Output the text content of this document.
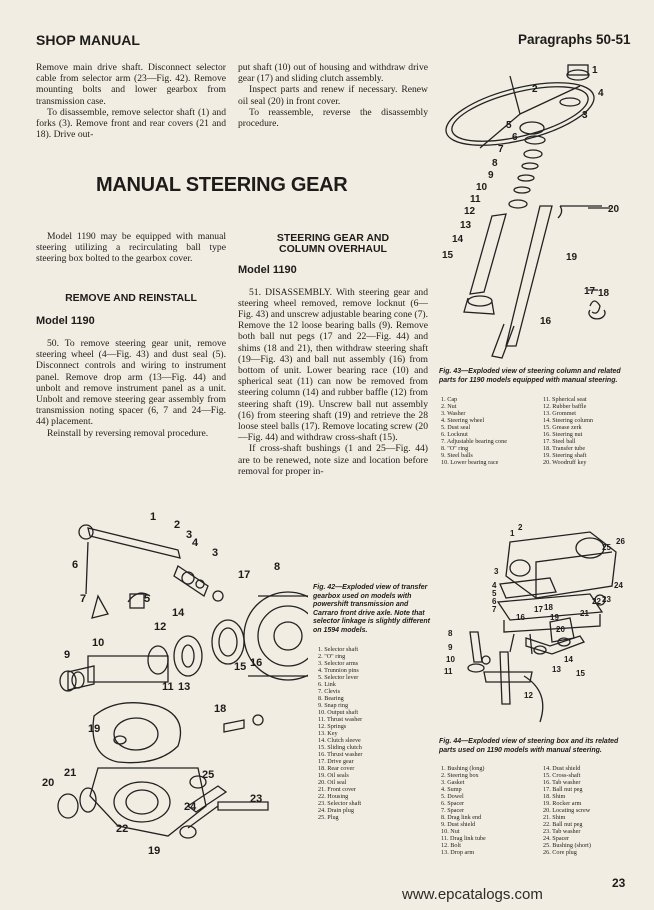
SHOP MANUAL	Paragraphs 50-51

Remove main drive shaft. Disconnect selector cable from selector arm (23—Fig. 42). Remove mounting bolts and lower gearbox from transmission case.

To disassemble, remove selector shaft (1) and forks (3). Remove front and rear covers (21 and 18). Drive out-

put shaft (10) out of housing and withdraw drive gear (17) and sliding clutch assembly.

Inspect parts and renew if necessary. Renew oil seal (20) in front cover.

To reassemble, reverse the disassembly procedure.

MANUAL STEERING GEAR

Model 1190 may be equipped with manual steering utilizing a recirculating ball type steering box bolted to the gearbox cover.

REMOVE AND REINSTALL
Model 1190

50. To remove steering gear unit, remove steering wheel (4—Fig. 43) and dust seal (5). Disconnect controls and wiring to instrument panel. Remove drop arm (13—Fig. 44) and unbolt and remove instrument panel as a unit. Unbolt and remove steering gear assembly from transmission noting spacer (6, 7 and 24—Fig. 44) placement.

Reinstall by reversing removal procedure.

STEERING GEAR AND COLUMN OVERHAUL
Model 1190

51. DISASSEMBLY. With steering gear and steering wheel removed, remove locknut (6—Fig. 43) and unscrew adjustable bearing cone (7). Remove the 12 loose bearing balls (9). Remove both ball nut pegs (17 and 22—Fig. 44) and shims (18 and 21), then withdraw steering shaft (19—Fig. 43) and ball nut assembly (16) from bottom of unit. Lower bearing race (10) and spherical seat (11) can now be removed from steering column (14) and rubber baffle (12) from steering shaft (19). Unscrew ball nut assembly (16) from steering shaft (19) and retrieve the 28 loose steel balls (17). Remove locating screw (20—Fig. 44) and withdraw cross-shaft (15).

If cross-shaft bushings (1 and 25—Fig. 44) are to be renewed, note size and location before removal for proper in-

1
2	4
3
5
6
7
8
9
10
11
12
13
14
15
16
17 18
19
20
Fig. 43—Exploded view of steering column and related parts for 1190 models equipped with manual steering.
1. Cap
2. Nut
3. Washer
4. Steering wheel
5. Dust seal
6. Locknut
7. Adjustable bearing cone
8. "O" ring
9. Steel balls
10. Lower bearing race
11. Spherical seat
12. Rubber baffle
13. Grommet
14. Steering column
15. Grease zerk
16. Steering nut
17. Steel ball
18. Transfer tube
19. Steering shaft
20. Woodruff key
1
2
3
4
3
5
6
7
8
9
10
11 13
12
14
15 16
17
18
19
20
21
22
23
24
25
19
Fig. 42—Exploded view of transfer gearbox used on models with powershift transmission and Carraro front drive axle. Note that selector linkage is slightly different on 1594 models.
1. Selector shaft
2. "O" ring
3. Selector arms
4. Trunnion pins
5. Selector lever
6. Link
7. Clevis
8. Bearing
9. Snap ring
10. Output shaft
11. Thrust washer
12. Springs
13. Key
14. Clutch sleeve
15. Sliding clutch
16. Thrust washer
17. Drive gear
18. Rear cover
19. Oil seals
20. Oil seal
21. Front cover
22. Housing
23. Selector shaft
24. Drain plug
25. Plug
1
2
3
4
5
6
7
8
9
10
11
12
13
14
15
16
17 18
19
20
21
22 23
24
25
26
Fig. 44—Exploded view of steering box and its related parts used on 1190 models with manual steering.
1. Bushing (long)
2. Steering box
3. Gasket
4. Sump
5. Dowel
6. Spacer
7. Spacer
8. Drag link end
9. Dust shield
10. Nut
11. Drag link tube
12. Bolt
13. Drop arm
14. Dust shield
15. Cross-shaft
16. Tab washer
17. Ball nut peg
18. Shim
19. Rocker arm
20. Locating screw
21. Shim
22. Ball nut peg
23. Tab washer
24. Spacer
25. Bushing (short)
26. Core plug
23
www.epcatalogs.com
